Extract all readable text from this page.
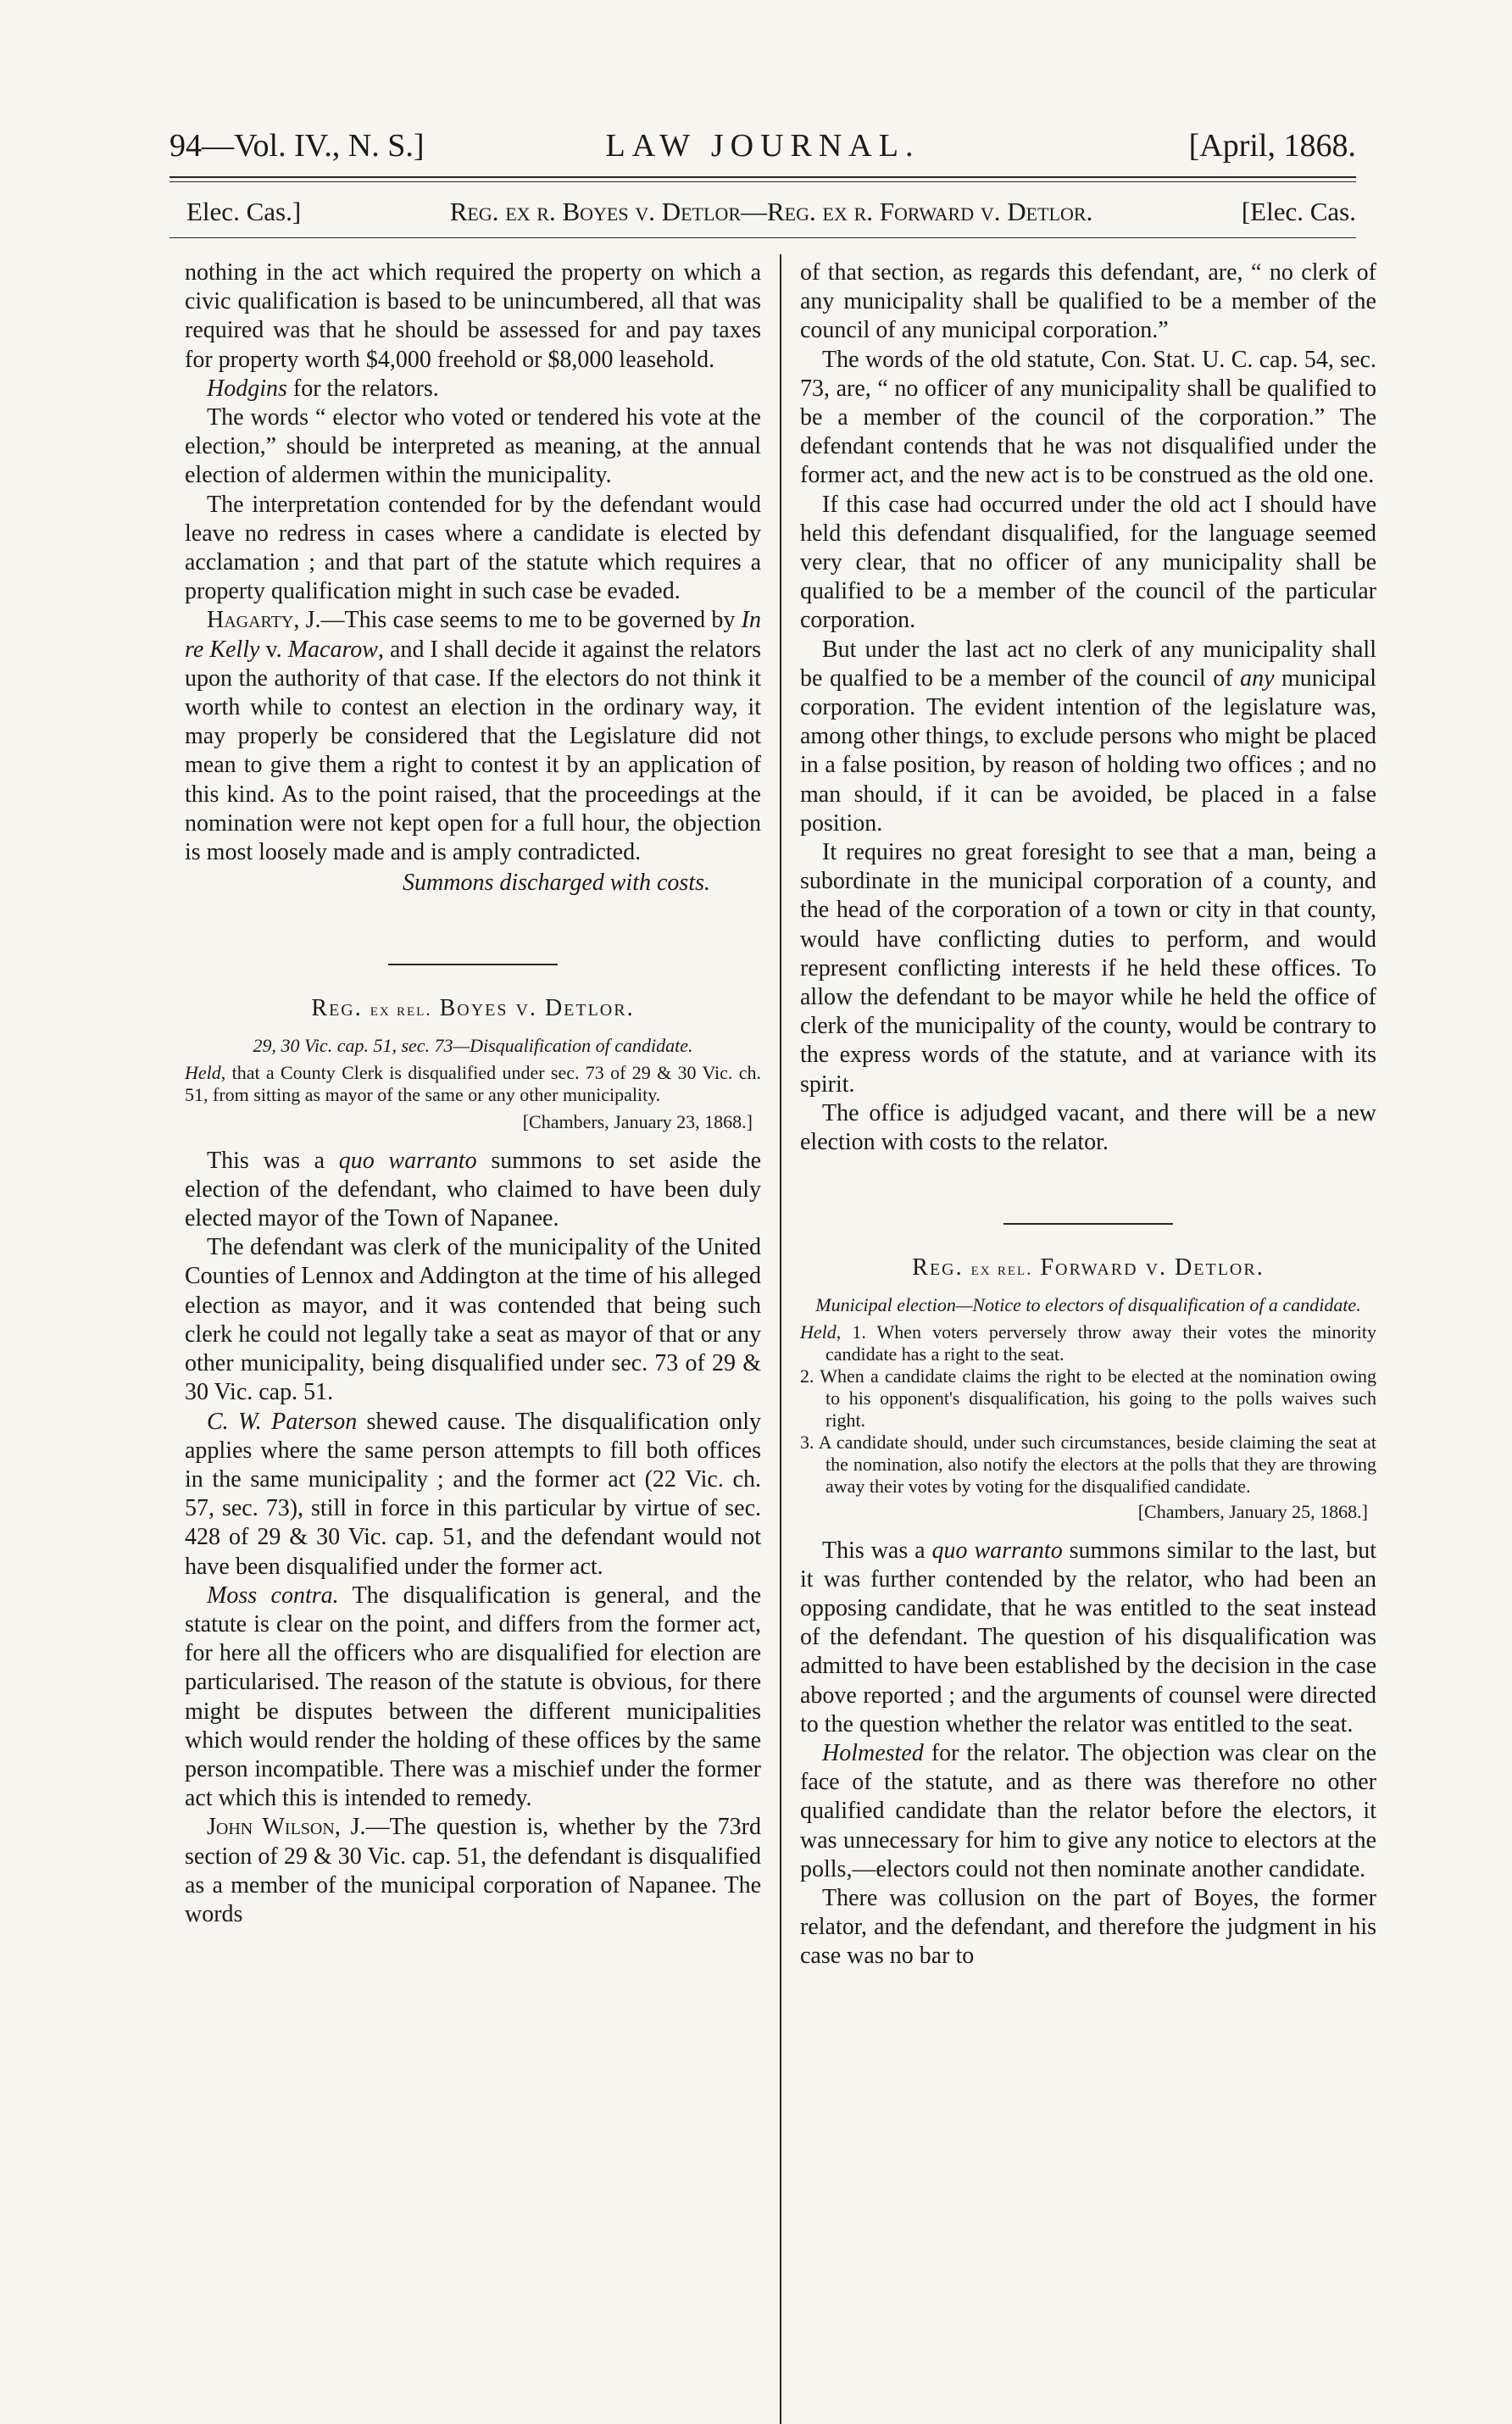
94—Vol. IV., N. S.]	LAW JOURNAL.	[April, 1868.
Elec. Cas.]	Reg. ex r. Boyes v. Detlor—Reg. ex r. Forward v. Detlor.	[Elec. Cas.

nothing in the act which required the property on which a civic qualification is based to be unincumbered, all that was required was that he should be assessed for and pay taxes for property worth $4,000 freehold or $8,000 leasehold.

Hodgins for the relators.

The words “ elector who voted or tendered his vote at the election,” should be interpreted as meaning, at the annual election of aldermen within the municipality.

The interpretation contended for by the defendant would leave no redress in cases where a candidate is elected by acclamation ; and that part of the statute which requires a property qualification might in such case be evaded.

Hagarty, J.—This case seems to me to be governed by In re Kelly v. Macarow, and I shall decide it against the relators upon the authority of that case. If the electors do not think it worth while to contest an election in the ordinary way, it may properly be considered that the Legislature did not mean to give them a right to contest it by an application of this kind. As to the point raised, that the proceedings at the nomination were not kept open for a full hour, the objection is most loosely made and is amply contradicted.

Summons discharged with costs.

Reg. ex rel. Boyes v. Detlor.

29, 30 Vic. cap. 51, sec. 73—Disqualification of candidate.

Held, that a County Clerk is disqualified under sec. 73 of 29 & 30 Vic. ch. 51, from sitting as mayor of the same or any other municipality.

[Chambers, January 23, 1868.]

This was a quo warranto summons to set aside the election of the defendant, who claimed to have been duly elected mayor of the Town of Napanee.

The defendant was clerk of the municipality of the United Counties of Lennox and Addington at the time of his alleged election as mayor, and it was contended that being such clerk he could not legally take a seat as mayor of that or any other municipality, being disqualified under sec. 73 of 29 & 30 Vic. cap. 51.

C. W. Paterson shewed cause. The disqualification only applies where the same person attempts to fill both offices in the same municipality ; and the former act (22 Vic. ch. 57, sec. 73), still in force in this particular by virtue of sec. 428 of 29 & 30 Vic. cap. 51, and the defendant would not have been disqualified under the former act.

Moss contra. The disqualification is general, and the statute is clear on the point, and differs from the former act, for here all the officers who are disqualified for election are particularised. The reason of the statute is obvious, for there might be disputes between the different municipalities which would render the holding of these offices by the same person incompatible. There was a mischief under the former act which this is intended to remedy.

John Wilson, J.—The question is, whether by the 73rd section of 29 & 30 Vic. cap. 51, the defendant is disqualified as a member of the municipal corporation of Napanee. The words

of that section, as regards this defendant, are, “ no clerk of any municipality shall be qualified to be a member of the council of any municipal corporation.”

The words of the old statute, Con. Stat. U. C. cap. 54, sec. 73, are, “ no officer of any municipality shall be qualified to be a member of the council of the corporation.” The defendant contends that he was not disqualified under the former act, and the new act is to be construed as the old one.

If this case had occurred under the old act I should have held this defendant disqualified, for the language seemed very clear, that no officer of any municipality shall be qualified to be a member of the council of the particular corporation.

But under the last act no clerk of any municipality shall be qualfied to be a member of the council of any municipal corporation. The evident intention of the legislature was, among other things, to exclude persons who might be placed in a false position, by reason of holding two offices ; and no man should, if it can be avoided, be placed in a false position.

It requires no great foresight to see that a man, being a subordinate in the municipal corporation of a county, and the head of the corporation of a town or city in that county, would have conflicting duties to perform, and would represent conflicting interests if he held these offices. To allow the defendant to be mayor while he held the office of clerk of the municipality of the county, would be contrary to the express words of the statute, and at variance with its spirit.

The office is adjudged vacant, and there will be a new election with costs to the relator.

Reg. ex rel. Forward v. Detlor.

Municipal election—Notice to electors of disqualification of a candidate.

Held, 1. When voters perversely throw away their votes the minority candidate has a right to the seat.

2. When a candidate claims the right to be elected at the nomination owing to his opponent's disqualification, his going to the polls waives such right.

3. A candidate should, under such circumstances, beside claiming the seat at the nomination, also notify the electors at the polls that they are throwing away their votes by voting for the disqualified candidate.

[Chambers, January 25, 1868.]

This was a quo warranto summons similar to the last, but it was further contended by the relator, who had been an opposing candidate, that he was entitled to the seat instead of the defendant. The question of his disqualification was admitted to have been established by the decision in the case above reported ; and the arguments of counsel were directed to the question whether the relator was entitled to the seat.

Holmested for the relator. The objection was clear on the face of the statute, and as there was therefore no other qualified candidate than the relator before the electors, it was unnecessary for him to give any notice to electors at the polls,—electors could not then nominate another candidate.

There was collusion on the part of Boyes, the former relator, and the defendant, and therefore the judgment in his case was no bar to
